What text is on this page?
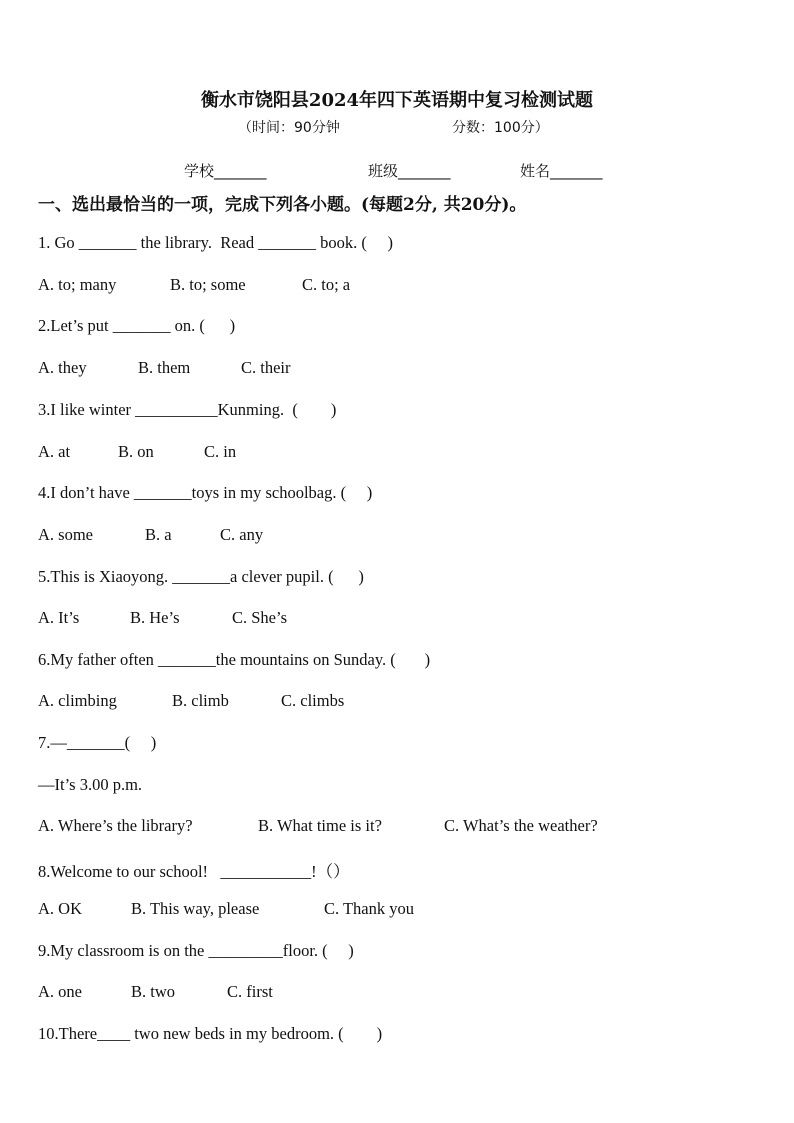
衡水市饶阳县2024年四下英语期中复习检测试题
（时间：90分钟	分数：100分）
学校_______	班级_______	姓名_______
一、选出最恰当的一项，完成下列各小题。(每题2分, 共20分)。
1. Go _______ the library.  Read _______ book. (     )
A. to; many	B. to; some	C. to; a
2.Let’s put _______ on. (      )
A. they	B. them	C. their
3.I like winter __________Kunming.  (        )
A. at	B. on	C. in
4.I don’t have _______toys in my schoolbag. (     )
A. some	B. a	C. any
5.This is Xiaoyong. _______a clever pupil. (      )
A. It’s	B. He’s	C. She’s
6.My father often _______the mountains on Sunday. (       )
A. climbing	B. climb	C. climbs
7.—_______(     )
—It’s 3.00 p.m.
A. Where’s the library?	B. What time is it?	C. What’s the weather?
8.Welcome to our school!   ___________!（）
A. OK	B. This way, please	C. Thank you
9.My classroom is on the _________floor. (     )
A. one	B. two	C. first
10.There____ two new beds in my bedroom. (        )
